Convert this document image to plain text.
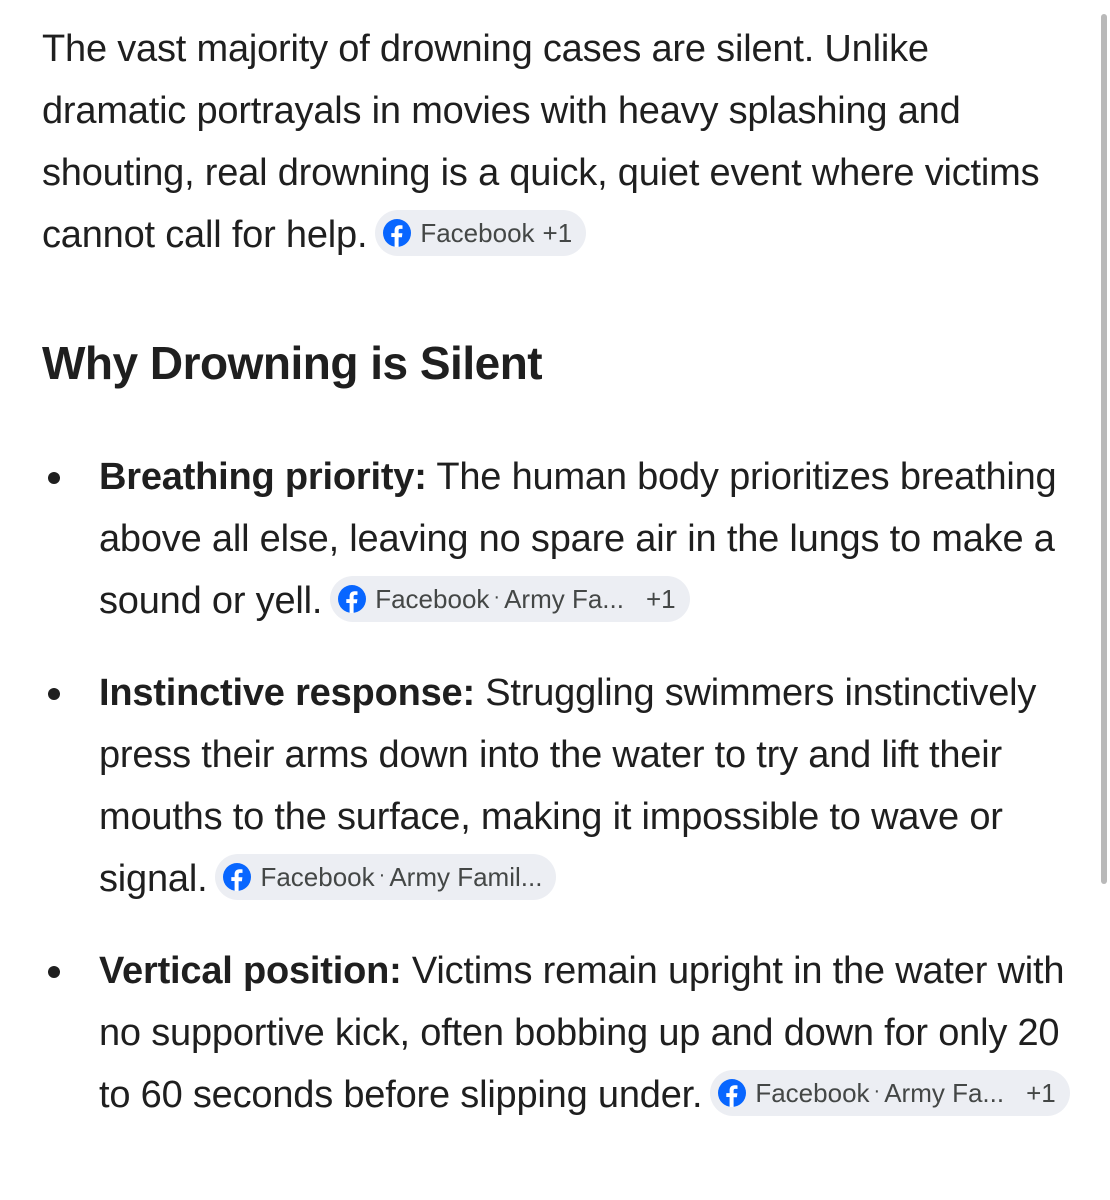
The vast majority of drowning cases are silent. Unlike dramatic portrayals in movies with heavy splashing and shouting, real drowning is a quick, quiet event where victims cannot call for help. Facebook +1

Why Drowning is Silent
Breathing priority: The human body prioritizes breathing above all else, leaving no spare air in the lungs to make a sound or yell. Facebook · Army Fa... +1
Instinctive response: Struggling swimmers instinctively press their arms down into the water to try and lift their mouths to the surface, making it impossible to wave or signal. Facebook · Army Famil...
Vertical position: Victims remain upright in the water with no supportive kick, often bobbing up and down for only 20 to 60 seconds before slipping under. Facebook · Army Fa... +1
